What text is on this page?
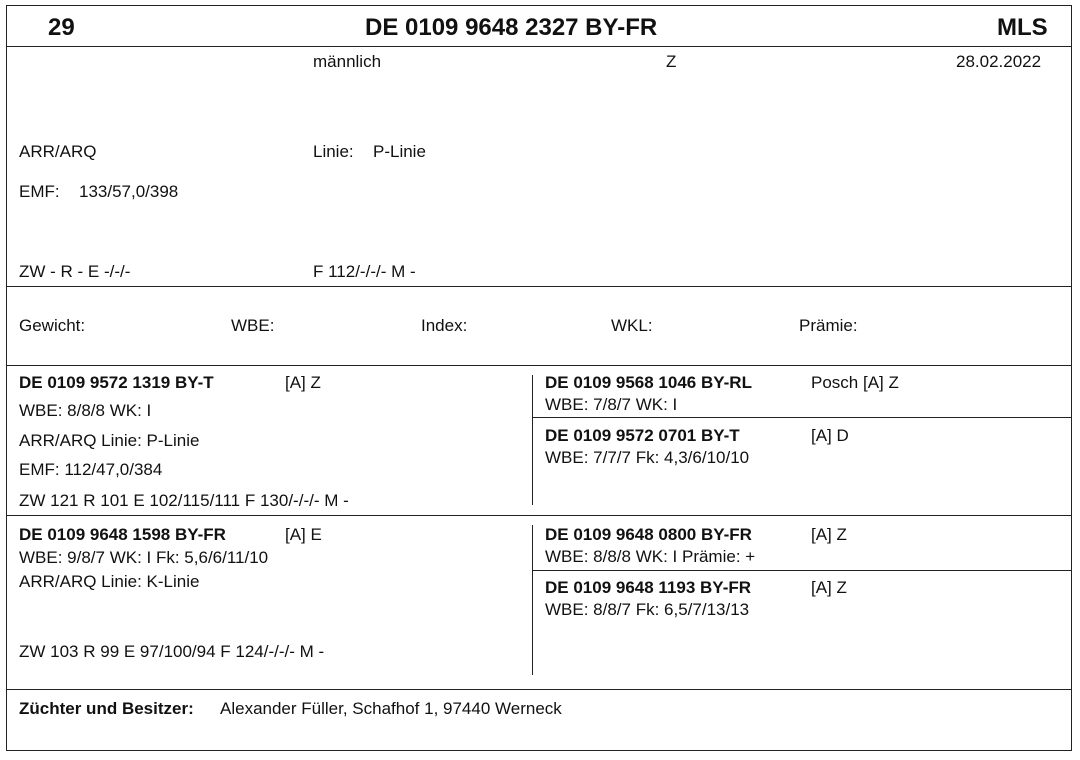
29	DE 0109 9648 2327 BY-FR	MLS
männlich	Z	28.02.2022
ARR/ARQ	Linie: P-Linie
EMF: 133/57,0/398
ZW - R - E -/-/-	F 112/-/-/- M -
Gewicht:	WBE:	Index:	WKL:	Prämie:
DE 0109 9572 1319 BY-T	[A] Z
WBE: 8/8/8 WK: I
ARR/ARQ Linie: P-Linie
EMF: 112/47,0/384
ZW 121 R 101 E 102/115/111 F 130/-/-/- M -
DE 0109 9568 1046 BY-RL	Posch [A] Z
WBE: 7/8/7 WK: I
DE 0109 9572 0701 BY-T	[A] D
WBE: 7/7/7 Fk: 4,3/6/10/10
DE 0109 9648 1598 BY-FR	[A] E
WBE: 9/8/7 WK: I Fk: 5,6/6/11/10
ARR/ARQ Linie: K-Linie
ZW 103 R 99 E 97/100/94 F 124/-/-/- M -
DE 0109 9648 0800 BY-FR	[A] Z
WBE: 8/8/8 WK: I Prämie: +
DE 0109 9648 1193 BY-FR	[A] Z
WBE: 8/8/7 Fk: 6,5/7/13/13
Züchter und Besitzer: Alexander Füller, Schafhof 1, 97440 Werneck
